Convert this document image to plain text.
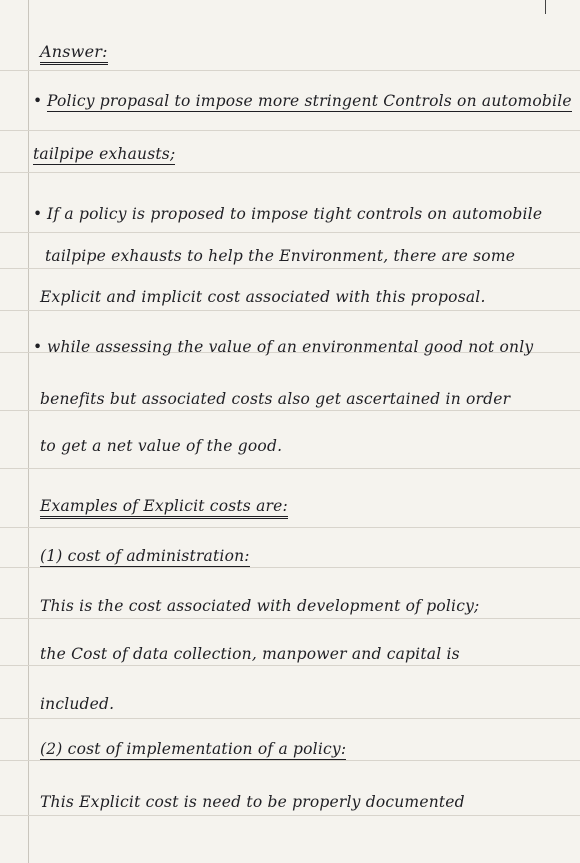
Answer:
• Policy propasal to impose more stringent Controls on automobile
tailpipe exhausts;
• If a policy is proposed to impose tight controls on automobile
tailpipe exhausts to help the Environment, there are some
Explicit and implicit cost associated with this proposal.
• while assessing the value of an environmental good not only
benefits but associated costs also get ascertained in order
to get a net value of the good.
Examples of Explicit costs are:
(1) cost of administration:
This is the cost associated with development of policy;
the Cost of data collection, manpower and capital is
included.
(2) cost of implementation of a policy:
This Explicit cost is need to be properly documented
